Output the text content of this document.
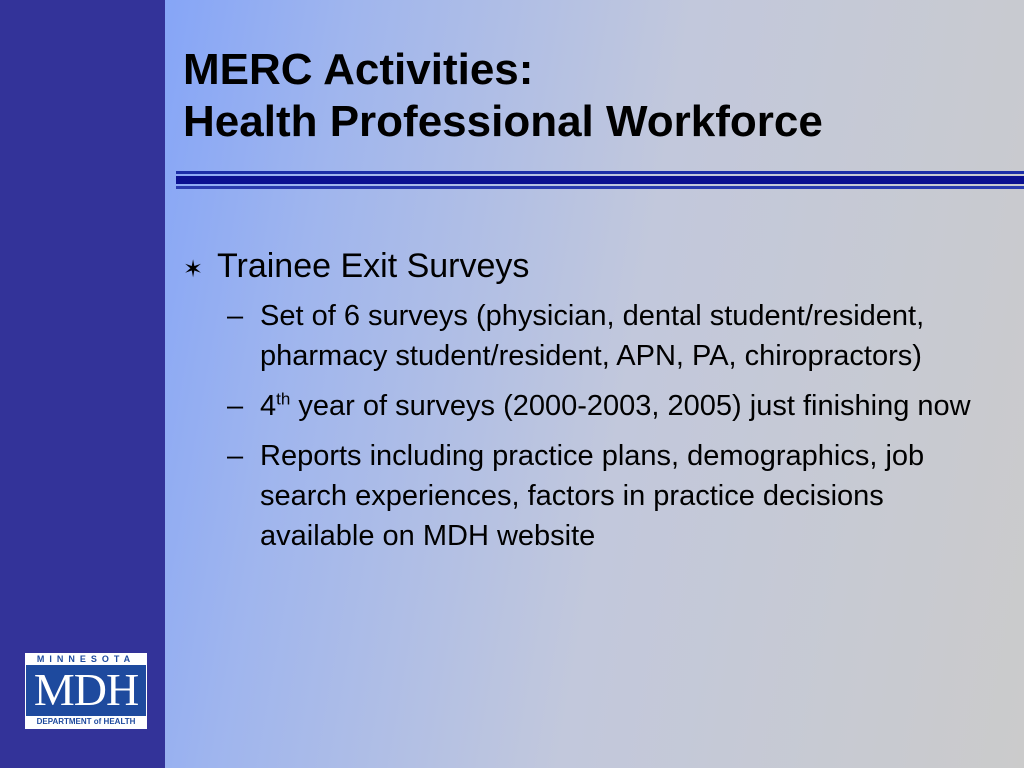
MERC Activities:
Health Professional Workforce
✶ Trainee Exit Surveys
– Set of 6 surveys (physician, dental student/resident, pharmacy student/resident, APN, PA, chiropractors)
– 4th year of surveys (2000-2003, 2005) just finishing now
– Reports including practice plans, demographics, job search experiences, factors in practice decisions available on MDH website
MINNESOTA
MDH
DEPARTMENT of HEALTH
